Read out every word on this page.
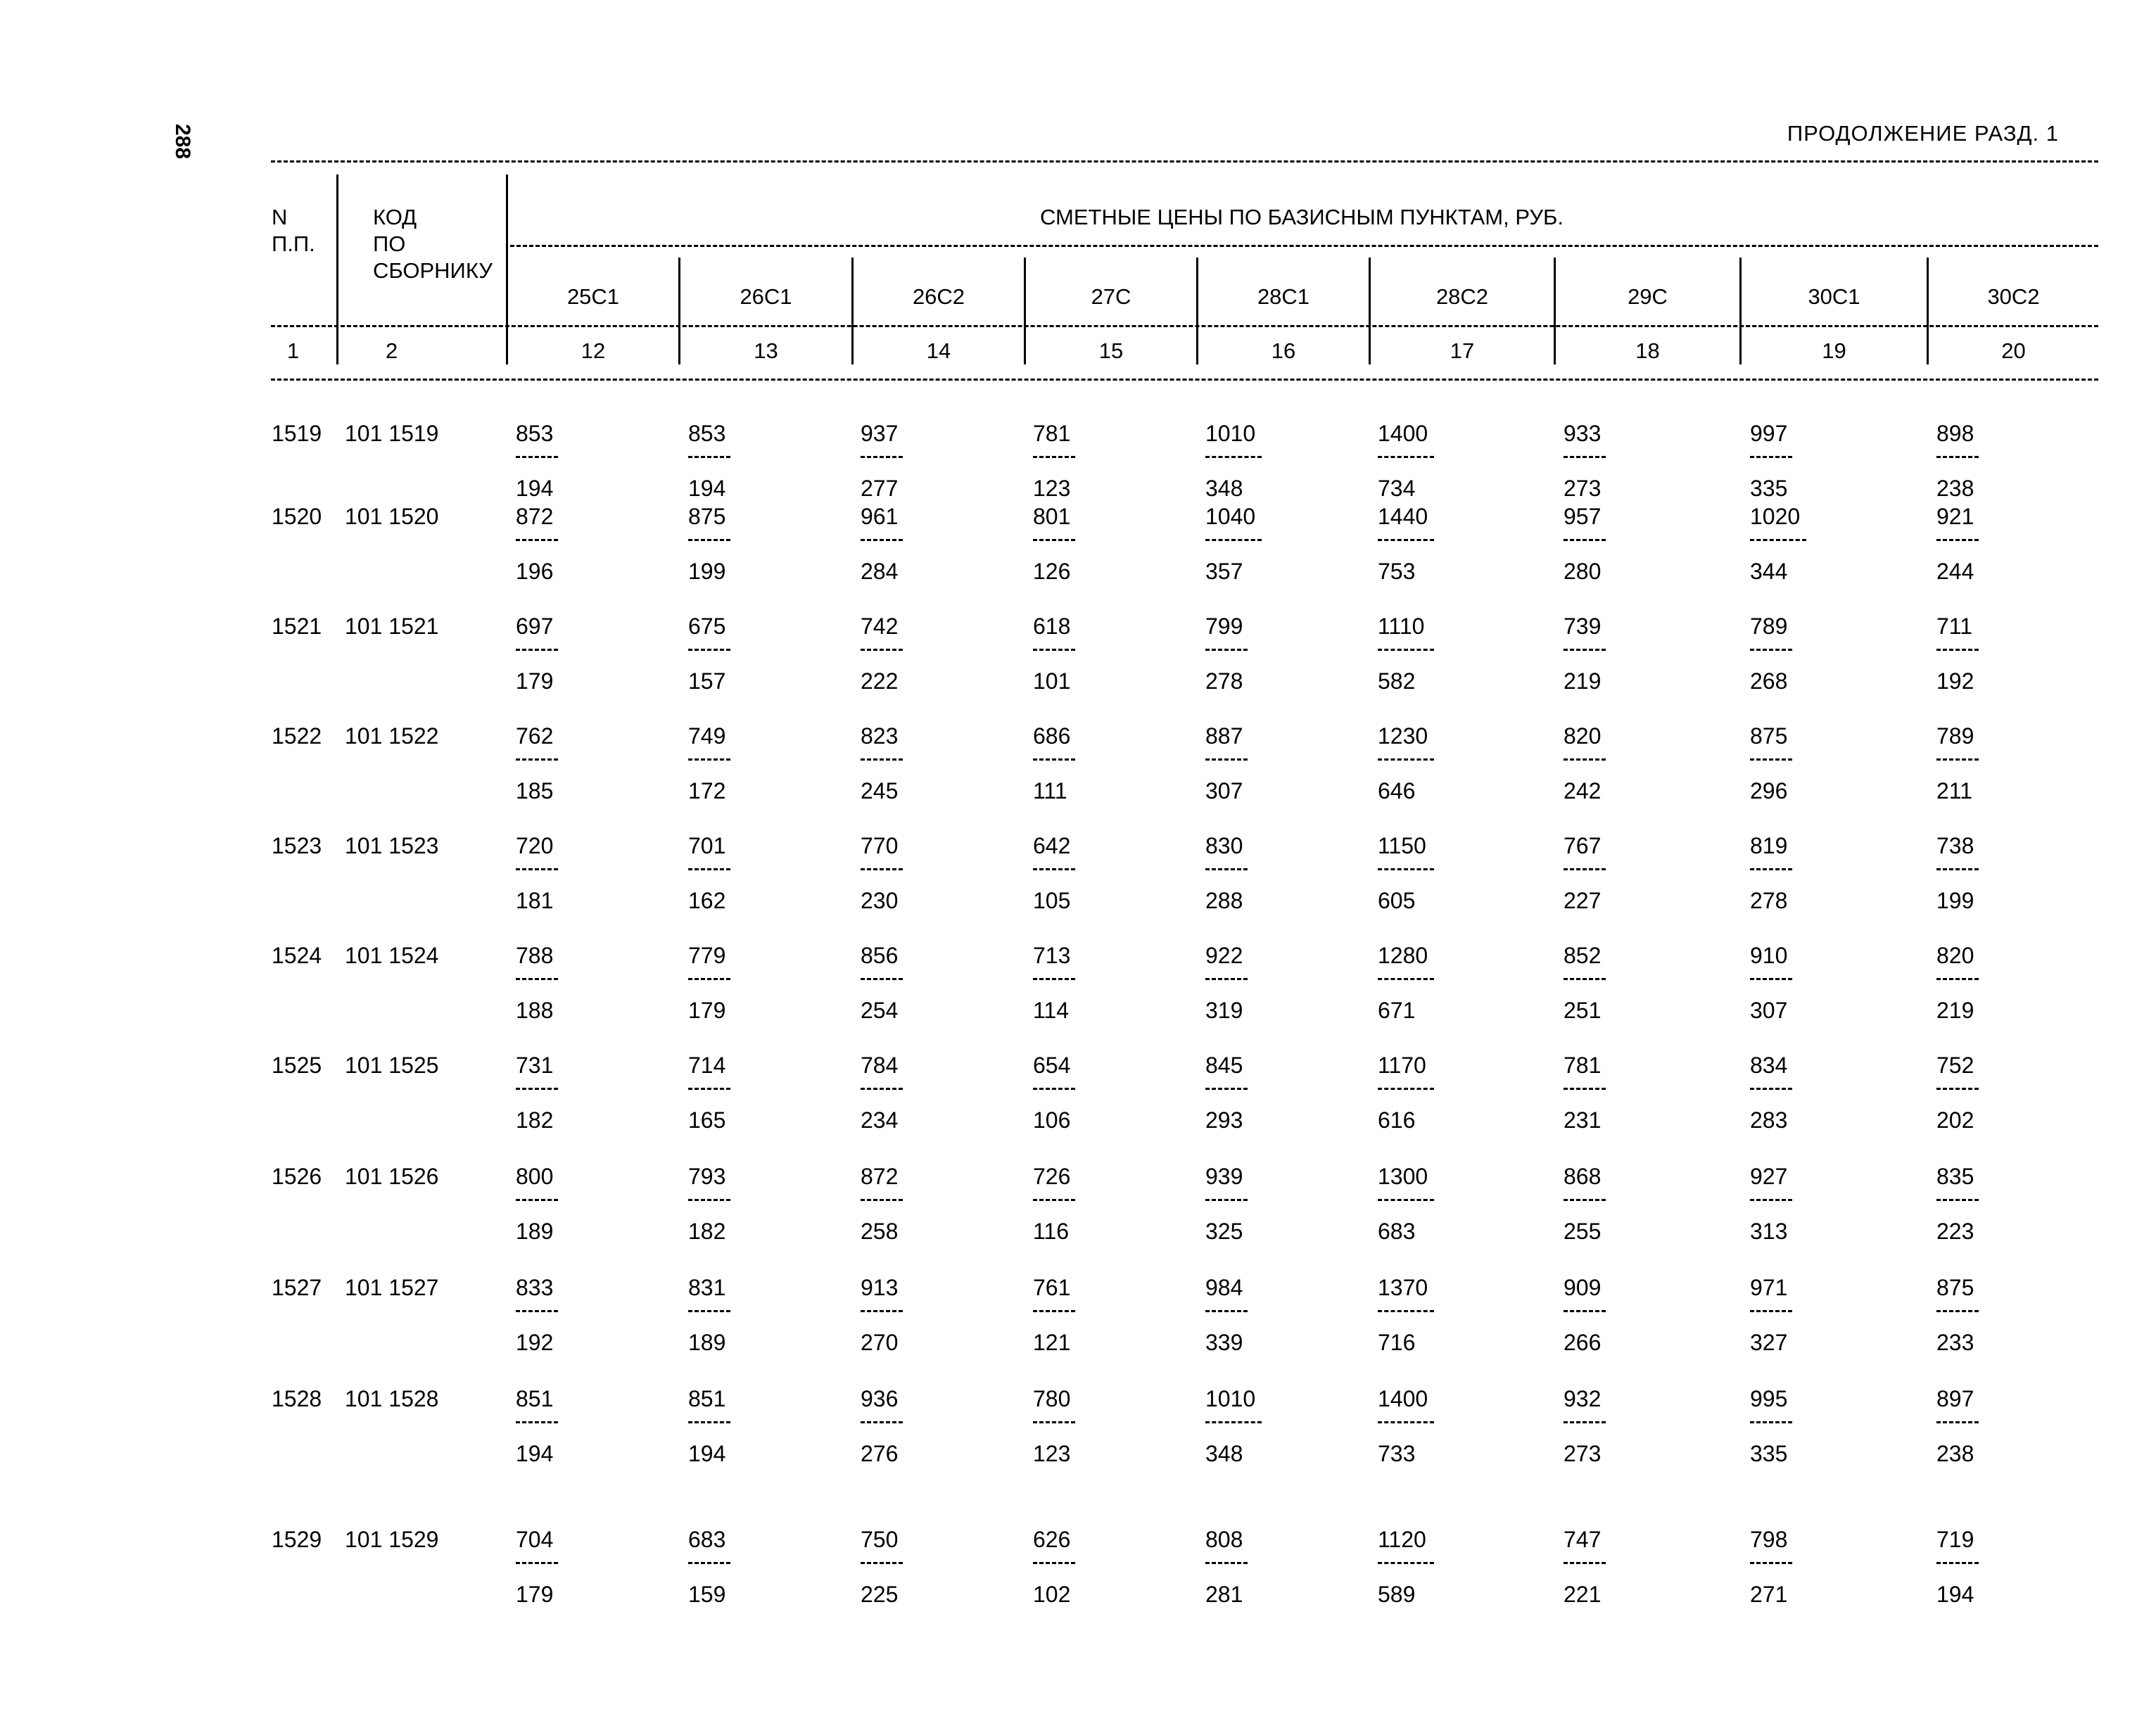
288	ПРОДОЛЖЕНИЕ РАЗД. 1
N
П.П.
КОД
ПО
СБОРНИКУ
СМЕТНЫЕ ЦЕНЫ ПО БАЗИСНЫМ ПУНКТАМ, РУБ.
25С1	26С1	26С2	27С	28С1	28С2	29С	30С1	30С2
1	2	12	13	14	15	16	17	18	19	20
1519 101 1519	853	853	937	781	1010	1400	933	997	898
194	194	277	123	348	734	273	335	238
1520 101 1520	872	875	961	801	1040	1440	957	1020	921
196	199	284	126	357	753	280	344	244
1521 101 1521	697	675	742	618	799	1110	739	789	711
179	157	222	101	278	582	219	268	192
1522 101 1522	762	749	823	686	887	1230	820	875	789
185	172	245	111	307	646	242	296	211
1523 101 1523	720	701	770	642	830	1150	767	819	738
181	162	230	105	288	605	227	278	199
1524 101 1524	788	779	856	713	922	1280	852	910	820
188	179	254	114	319	671	251	307	219
1525 101 1525	731	714	784	654	845	1170	781	834	752
182	165	234	106	293	616	231	283	202
1526 101 1526	800	793	872	726	939	1300	868	927	835
189	182	258	116	325	683	255	313	223
1527 101 1527	833	831	913	761	984	1370	909	971	875
192	189	270	121	339	716	266	327	233
1528 101 1528	851	851	936	780	1010	1400	932	995	897
194	194	276	123	348	733	273	335	238
1529 101 1529	704	683	750	626	808	1120	747	798	719
179	159	225	102	281	589	221	271	194
